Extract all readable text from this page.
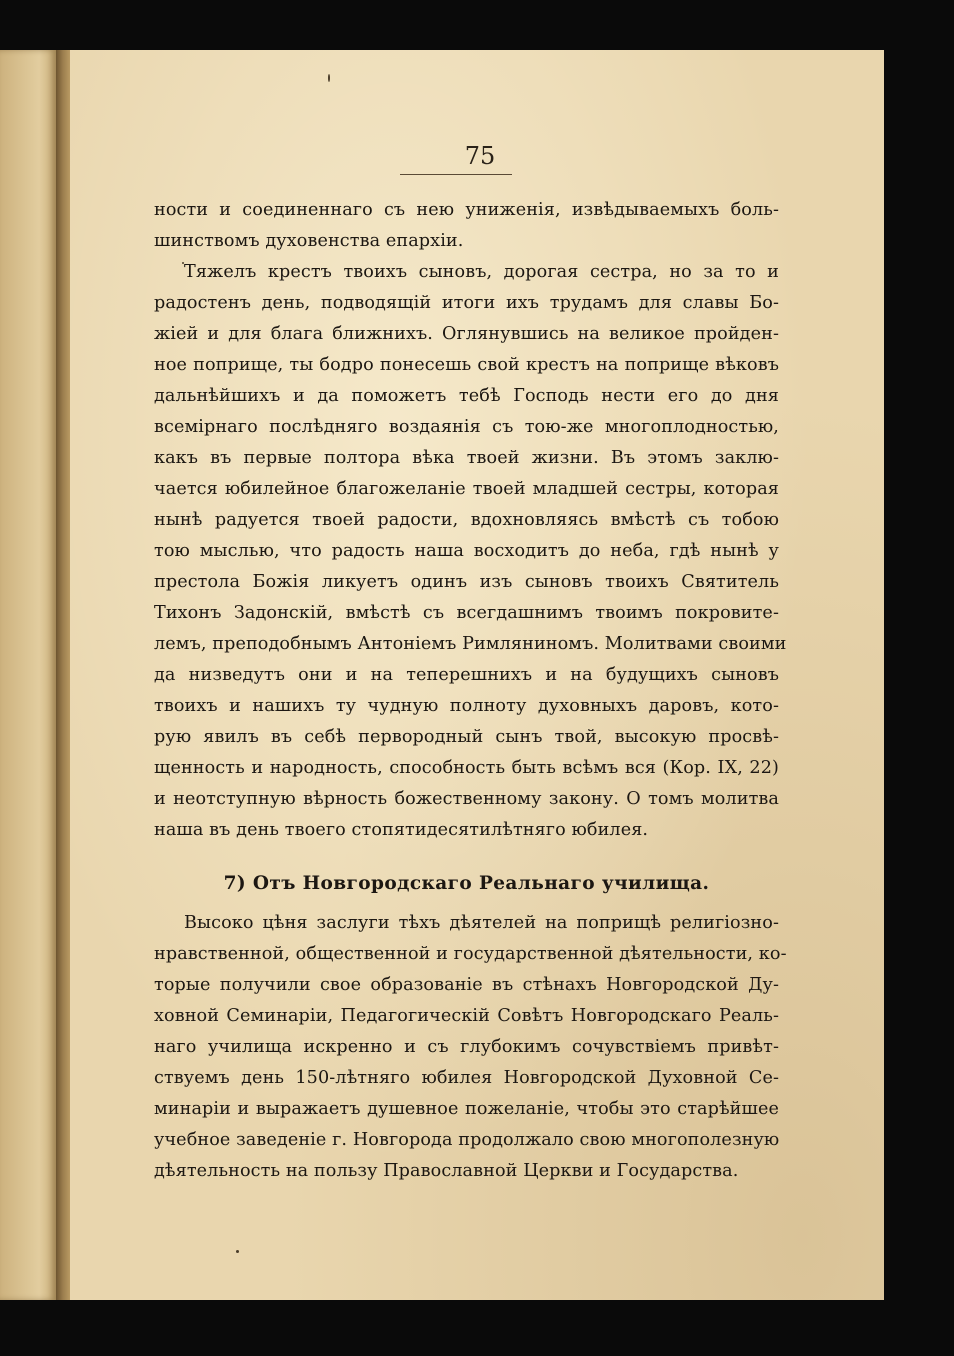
75
ности и соединеннаго съ нею униженія, извѣдываемыхъ боль-
шинствомъ духовенства епархіи.
Тяжелъ крестъ твоихъ сыновъ, дорогая сестра, но за то и
радостенъ день, подводящій итоги ихъ трудамъ для славы Бо-
жіей и для блага ближнихъ. Оглянувшись на великое пройден-
ное поприще, ты бодро понесешь свой крестъ на поприще вѣковъ
дальнѣйшихъ и да поможетъ тебѣ Господь нести его до дня
всемірнаго послѣдняго воздаянія съ тою-же многоплодностью,
какъ въ первые полтора вѣка твоей жизни. Въ этомъ заклю-
чается юбилейное благожеланіе твоей младшей сестры, которая
нынѣ радуется твоей радости, вдохновляясь вмѣстѣ съ тобою
тою мыслью, что радость наша восходитъ до неба, гдѣ нынѣ у
престола Божія ликуетъ одинъ изъ сыновъ твоихъ Святитель
Тихонъ Задонскій, вмѣстѣ съ всегдашнимъ твоимъ покровите-
лемъ, преподобнымъ Антоніемъ Римляниномъ. Молитвами своими
да низведутъ они и на теперешнихъ и на будущихъ сыновъ
твоихъ и нашихъ ту чудную полноту духовныхъ даровъ, кото-
рую явилъ въ себѣ первородный сынъ твой, высокую просвѣ-
щенность и народность, способность быть всѣмъ вся (Кор. IX, 22)
и неотступную вѣрность божественному закону. О томъ молитва
наша въ день твоего стопятидесятилѣтняго юбилея.
7) Отъ Новгородскаго Реальнаго училища.
Высоко цѣня заслуги тѣхъ дѣятелей на поприщѣ религіозно-
нравственной, общественной и государственной дѣятельности, ко-
торые получили свое образованіе въ стѣнахъ Новгородской Ду-
ховной Семинаріи, Педагогическій Совѣтъ Новгородскаго Реаль-
наго училища искренно и съ глубокимъ сочувствіемъ привѣт-
ствуемъ день 150-лѣтняго юбилея Новгородской Духовной Се-
минаріи и выражаетъ душевное пожеланіе, чтобы это старѣйшее
учебное заведеніе г. Новгорода продолжало свою многополезную
дѣятельность на пользу Православной Церкви и Государства.
